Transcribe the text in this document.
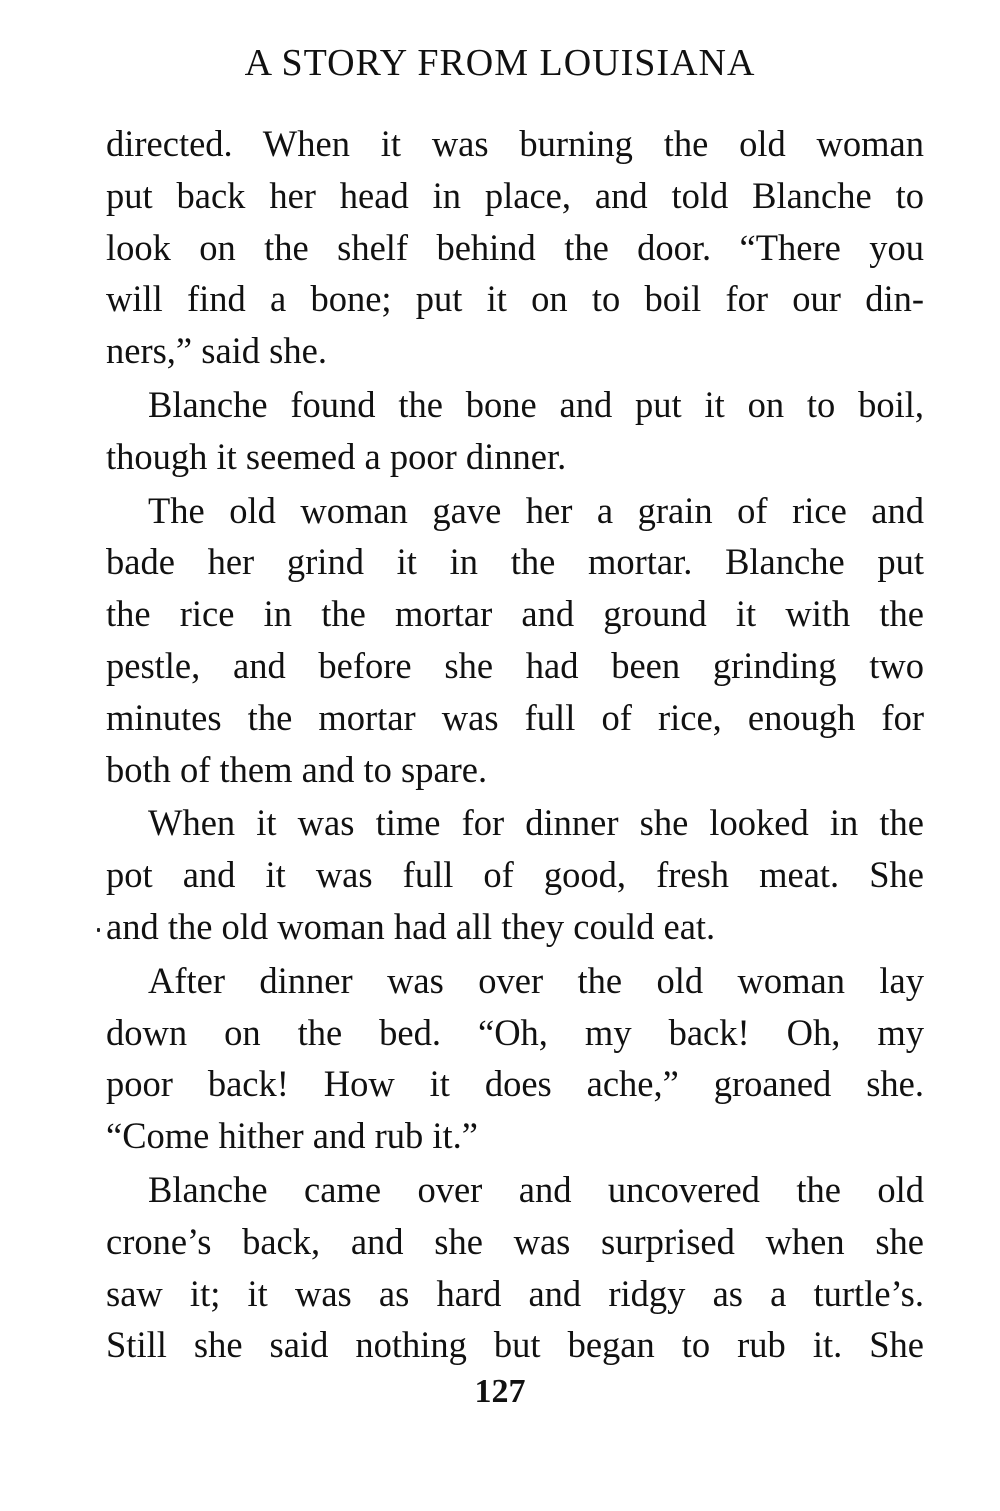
A STORY FROM LOUISIANA

directed. When it was burning the old woman
put back her head in place, and told Blanche to
look on the shelf behind the door. “There you
will find a bone; put it on to boil for our din-
ners,” said she.

Blanche found the bone and put it on to boil,
though it seemed a poor dinner.

The old woman gave her a grain of rice and
bade her grind it in the mortar. Blanche put
the rice in the mortar and ground it with the
pestle, and before she had been grinding two
minutes the mortar was full of rice, enough for
both of them and to spare.

When it was time for dinner she looked in the
pot and it was full of good, fresh meat. She
and the old woman had all they could eat.

After dinner was over the old woman lay
down on the bed. “Oh, my back! Oh, my
poor back! How it does ache,” groaned she.
“Come hither and rub it.”

Blanche came over and uncovered the old
crone’s back, and she was surprised when she
saw it; it was as hard and ridgy as a turtle’s.
Still she said nothing but began to rub it. She

127
